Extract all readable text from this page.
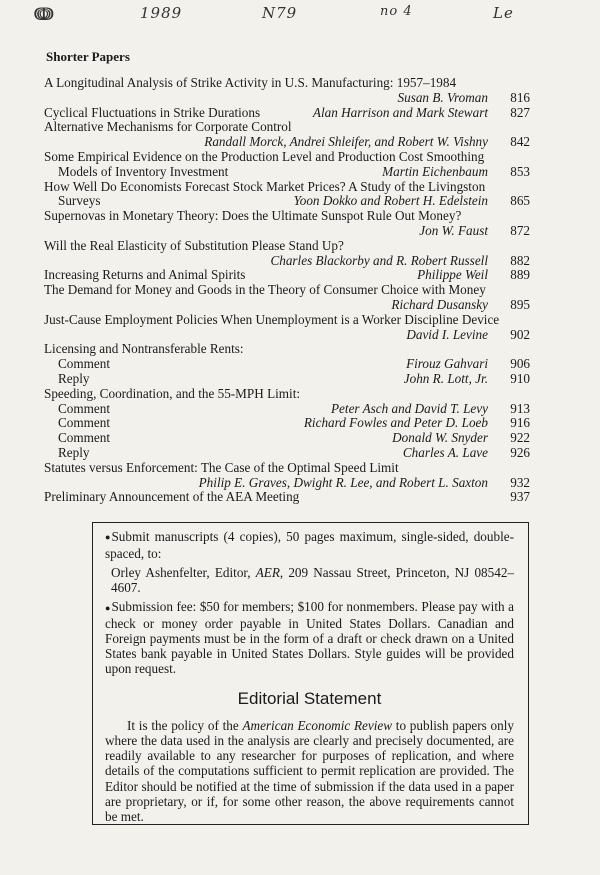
ↈ	1989	N79	no 4	Le
Shorter Papers
A Longitudinal Analysis of Strike Activity in U.S. Manufacturing: 1957–1984
Susan B. Vroman	816
Cyclical Fluctuations in Strike Durations	Alan Harrison and Mark Stewart	827
Alternative Mechanisms for Corporate Control
Randall Morck, Andrei Shleifer, and Robert W. Vishny	842
Some Empirical Evidence on the Production Level and Production Cost Smoothing
Models of Inventory Investment	Martin Eichenbaum	853
How Well Do Economists Forecast Stock Market Prices? A Study of the Livingston
Surveys	Yoon Dokko and Robert H. Edelstein	865
Supernovas in Monetary Theory: Does the Ultimate Sunspot Rule Out Money?
Jon W. Faust	872
Will the Real Elasticity of Substitution Please Stand Up?
Charles Blackorby and R. Robert Russell	882
Increasing Returns and Animal Spirits	Philippe Weil	889
The Demand for Money and Goods in the Theory of Consumer Choice with Money
Richard Dusansky	895
Just-Cause Employment Policies When Unemployment is a Worker Discipline Device
David I. Levine	902
Licensing and Nontransferable Rents:
Comment	Firouz Gahvari	906
Reply	John R. Lott, Jr.	910
Speeding, Coordination, and the 55-MPH Limit:
Comment	Peter Asch and David T. Levy	913
Comment	Richard Fowles and Peter D. Loeb	916
Comment	Donald W. Snyder	922
Reply	Charles A. Lave	926
Statutes versus Enforcement: The Case of the Optimal Speed Limit
Philip E. Graves, Dwight R. Lee, and Robert L. Saxton	932
Preliminary Announcement of the AEA Meeting	937

●Submit manuscripts (4 copies), 50 pages maximum, single-sided, double-spaced, to:

Orley Ashenfelter, Editor, AER, 209 Nassau Street, Princeton, NJ 08542–4607.

●Submission fee: $50 for members; $100 for nonmembers. Please pay with a check or money order payable in United States Dollars. Canadian and Foreign payments must be in the form of a draft or check drawn on a United States bank payable in United States Dollars. Style guides will be provided upon request.

Editorial Statement

It is the policy of the American Economic Review to publish papers only where the data used in the analysis are clearly and precisely documented, are readily available to any researcher for purposes of replication, and where details of the computations sufficient to permit replication are provided. The Editor should be notified at the time of submission if the data used in a paper are proprietary, or if, for some other reason, the above requirements cannot be met.
